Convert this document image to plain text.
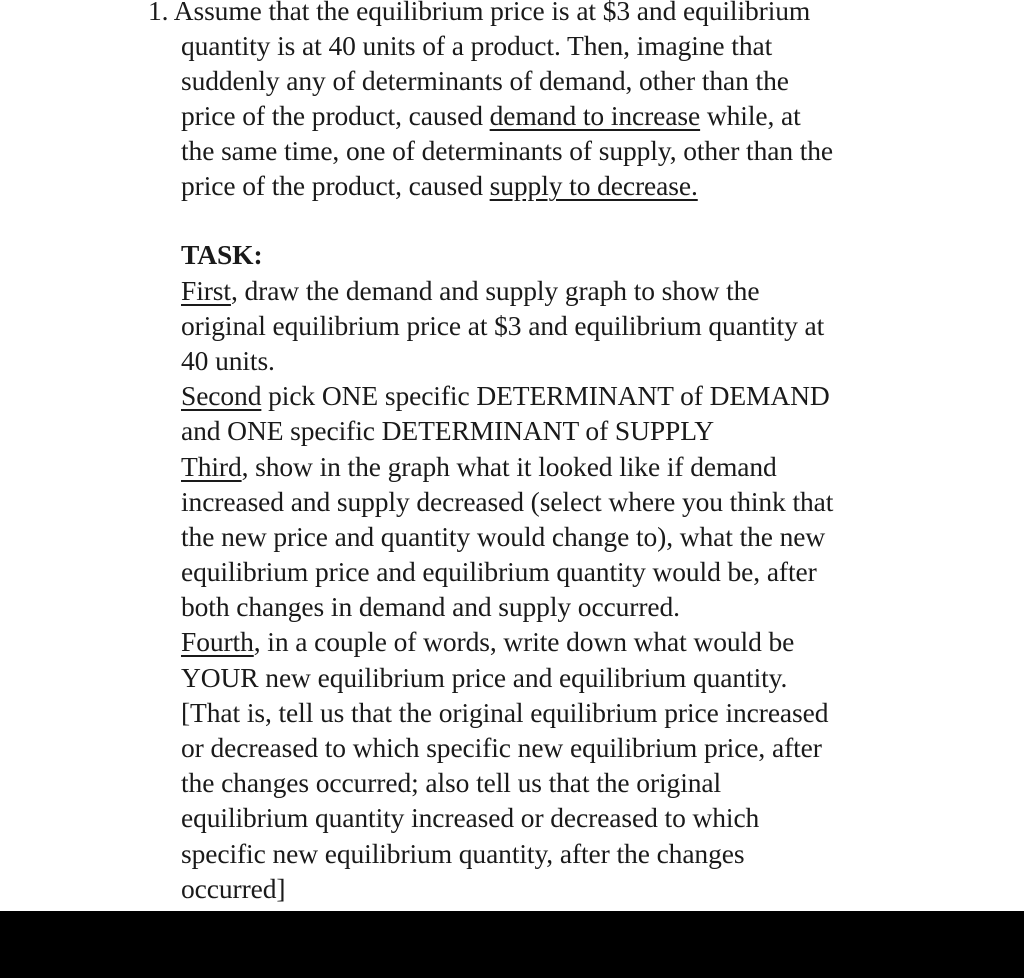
1. Assume that the equilibrium price is at $3 and equilibrium
quantity is at 40 units of a product. Then, imagine that
suddenly any of determinants of demand, other than the
price of the product, caused demand to increase while, at
the same time, one of determinants of supply, other than the
price of the product, caused supply to decrease.
TASK:
First, draw the demand and supply graph to show the
original equilibrium price at $3 and equilibrium quantity at
40 units.
Second pick ONE specific DETERMINANT of DEMAND
and ONE specific DETERMINANT of SUPPLY
Third, show in the graph what it looked like if demand
increased and supply decreased (select where you think that
the new price and quantity would change to), what the new
equilibrium price and equilibrium quantity would be, after
both changes in demand and supply occurred.
Fourth, in a couple of words, write down what would be
YOUR new equilibrium price and equilibrium quantity.
[That is, tell us that the original equilibrium price increased
or decreased to which specific new equilibrium price, after
the changes occurred; also tell us that the original
equilibrium quantity increased or decreased to which
specific new equilibrium quantity, after the changes
occurred]
